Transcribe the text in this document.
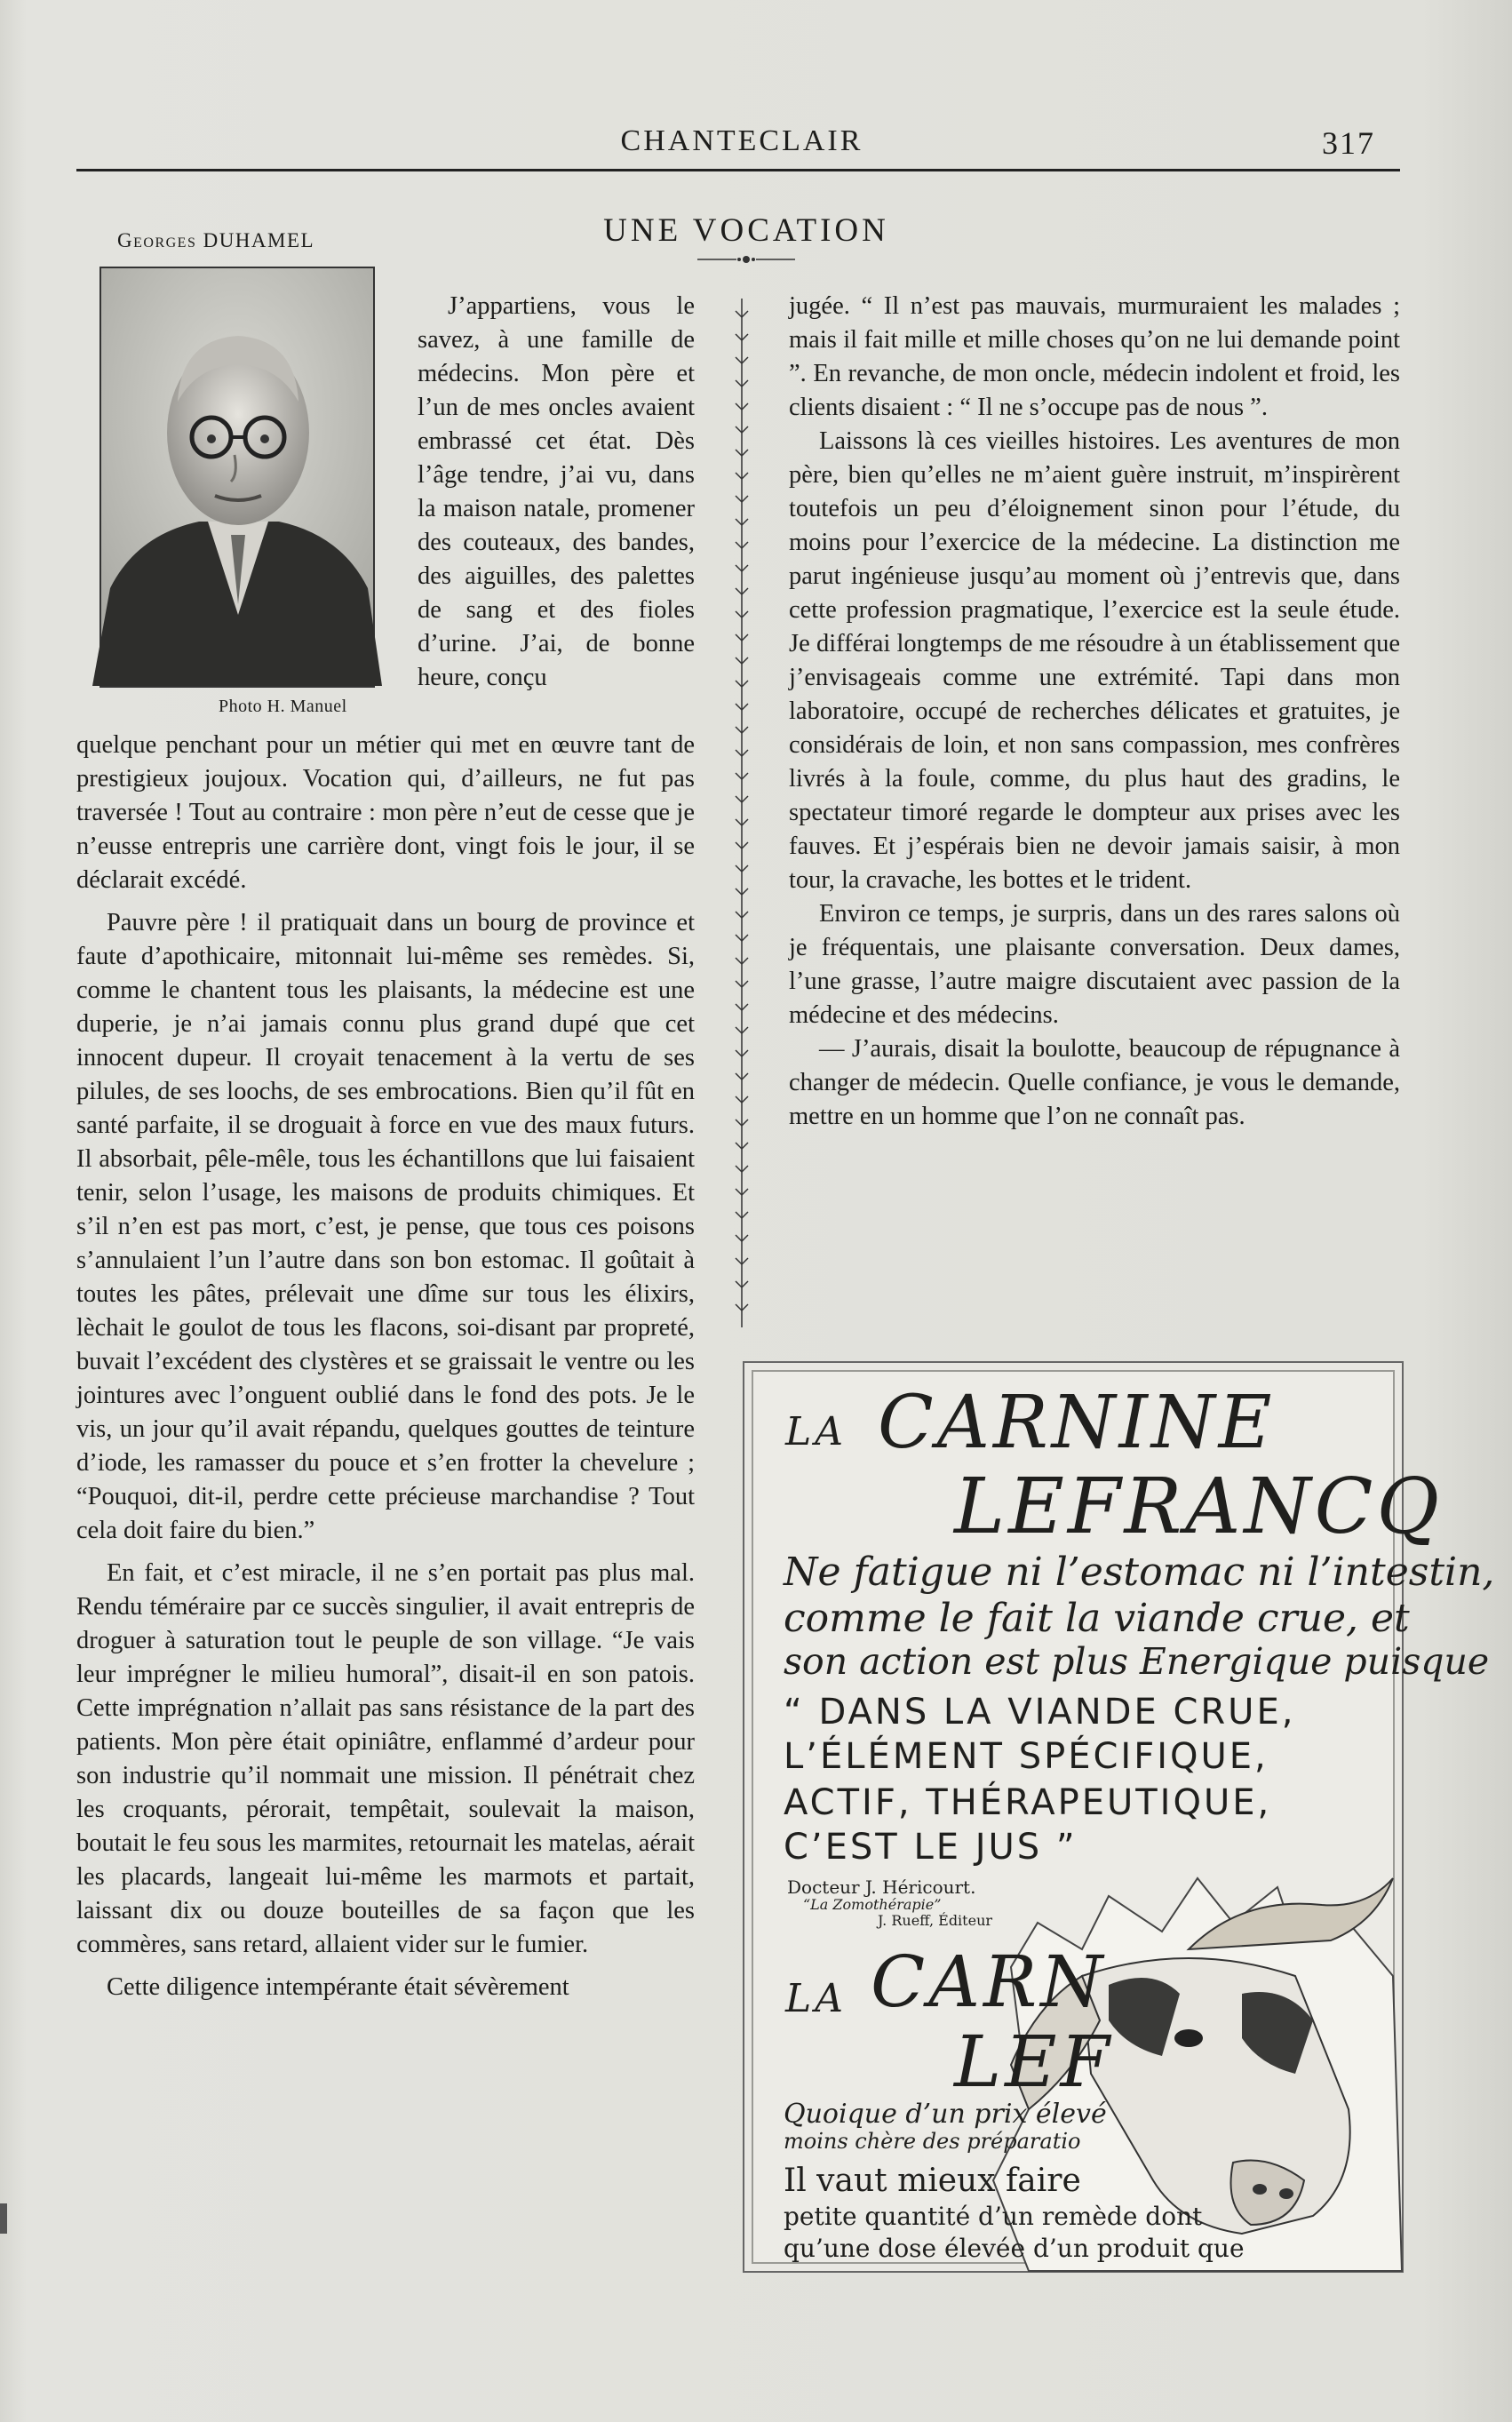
CHANTECLAIR	317
Georges DUHAMEL
Photo H. Manuel
UNE VOCATION

J’appartiens, vous le savez, à une famille de médecins. Mon père et l’un de mes oncles avaient embrassé cet état. Dès l’âge tendre, j’ai vu, dans la maison natale, promener des couteaux, des bandes, des aiguilles, des palettes de sang et des fioles d’urine. J’ai, de bonne heure, conçu

quelque penchant pour un métier qui met en œuvre tant de prestigieux joujoux. Vocation qui, d’ailleurs, ne fut pas traversée ! Tout au contraire : mon père n’eut de cesse que je n’eusse entrepris une carrière dont, vingt fois le jour, il se déclarait excédé.

Pauvre père ! il pratiquait dans un bourg de province et faute d’apothicaire, mitonnait lui-même ses remèdes. Si, comme le chantent tous les plaisants, la médecine est une duperie, je n’ai jamais connu plus grand dupé que cet innocent dupeur. Il croyait tenacement à la vertu de ses pilules, de ses loochs, de ses embrocations. Bien qu’il fût en santé parfaite, il se droguait à force en vue des maux futurs. Il absorbait, pêle-mêle, tous les échantillons que lui faisaient tenir, selon l’usage, les maisons de produits chimiques. Et s’il n’en est pas mort, c’est, je pense, que tous ces poisons s’annulaient l’un l’autre dans son bon estomac. Il goûtait à toutes les pâtes, prélevait une dîme sur tous les élixirs, lèchait le goulot de tous les flacons, soi-disant par propreté, buvait l’excédent des clystères et se graissait le ventre ou les jointures avec l’onguent oublié dans le fond des pots. Je le vis, un jour qu’il avait répandu, quelques gouttes de teinture d’iode, les ramasser du pouce et s’en frotter la chevelure ; “Pouquoi, dit-il, perdre cette précieuse marchandise ? Tout cela doit faire du bien.”

En fait, et c’est miracle, il ne s’en portait pas plus mal. Rendu téméraire par ce succès singulier, il avait entrepris de droguer à saturation tout le peuple de son village. “Je vais leur imprégner le milieu humoral”, disait-il en son patois. Cette imprégnation n’allait pas sans résistance de la part des patients. Mon père était opiniâtre, enflammé d’ardeur pour son industrie qu’il nommait une mission. Il pénétrait chez les croquants, pérorait, tempêtait, soulevait la maison, boutait le feu sous les marmites, retournait les matelas, aérait les placards, langeait lui-même les marmots et partait, laissant dix ou douze bouteilles de sa façon que les commères, sans retard, allaient vider sur le fumier.

Cette diligence intempérante était sévèrement

jugée. “ Il n’est pas mauvais, murmuraient les malades ; mais il fait mille et mille choses qu’on ne lui demande point ”. En revanche, de mon oncle, médecin indolent et froid, les clients disaient : “ Il ne s’occupe pas de nous ”.

Laissons là ces vieilles histoires. Les aventures de mon père, bien qu’elles ne m’aient guère instruit, m’inspirèrent toutefois un peu d’éloignement sinon pour l’étude, du moins pour l’exercice de la médecine. La distinction me parut ingénieuse jusqu’au moment où j’entrevis que, dans cette profession pragmatique, l’exercice est la seule étude. Je différai longtemps de me résoudre à un établissement que j’envisageais comme une extrémité. Tapi dans mon laboratoire, occupé de recherches délicates et gratuites, je considérais de loin, et non sans compassion, mes confrères livrés à la foule, comme, du plus haut des gradins, le spectateur timoré regarde le dompteur aux prises avec les fauves. Et j’espérais bien ne devoir jamais saisir, à mon tour, la cravache, les bottes et le trident.

Environ ce temps, je surpris, dans un des rares salons où je fréquentais, une plaisante conversation. Deux dames, l’une grasse, l’autre maigre discutaient avec passion de la médecine et des médecins.

— J’aurais, disait la boulotte, beaucoup de répugnance à changer de médecin. Quelle confiance, je vous le demande, mettre en un homme que l’on ne connaît pas.

LA CARNINE
LEFRANCQ
Ne fatigue ni l’estomac ni l’intestin,
comme le fait la viande crue, et
son action est plus Energique puisque
“ DANS LA VIANDE CRUE,
L’ÉLÉMENT SPÉCIFIQUE,
ACTIF, THÉRAPEUTIQUE,
C’EST LE JUS ”
Docteur J. Héricourt.
“La Zomothérapie”
J. Rueff, Éditeur
LA CARN
LEF
Quoique d’un prix élevé
moins chère des préparatio
Il vaut mieux faire
petite quantité d’un remède dont
qu’une dose élevée d’un produit que
